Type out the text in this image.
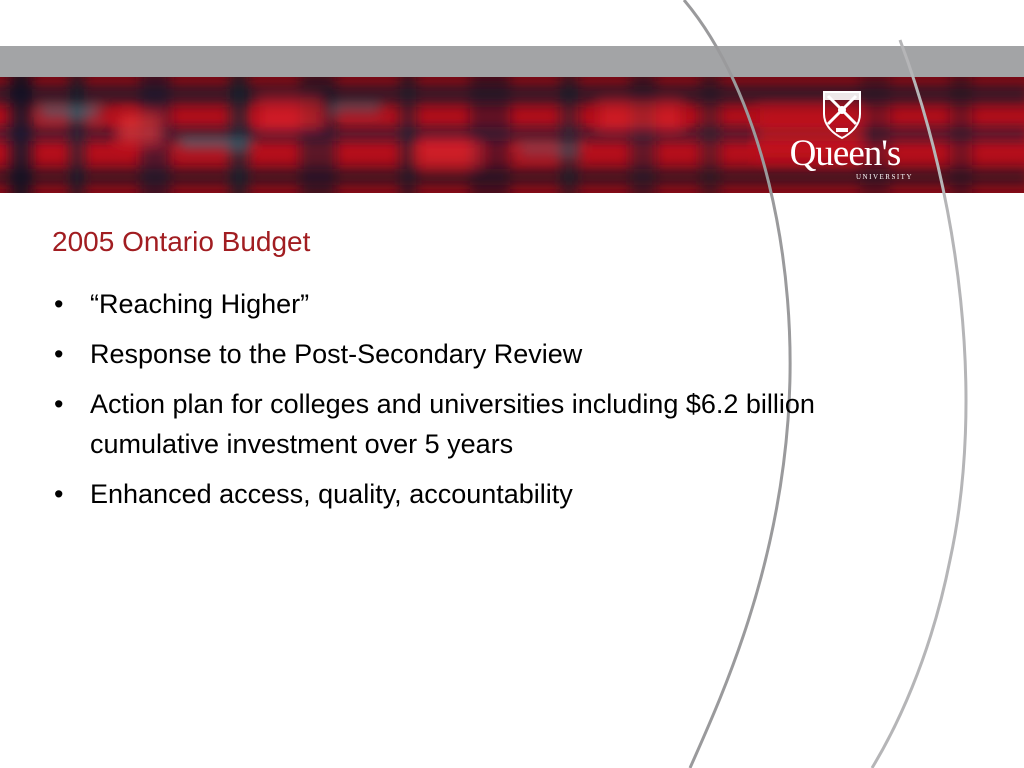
Queen's
UNIVERSITY
2005 Ontario Budget
• “Reaching Higher”
• Response to the Post-Secondary Review
• Action plan for colleges and universities including $6.2 billion cumulative investment over 5 years
• Enhanced access, quality, accountability
